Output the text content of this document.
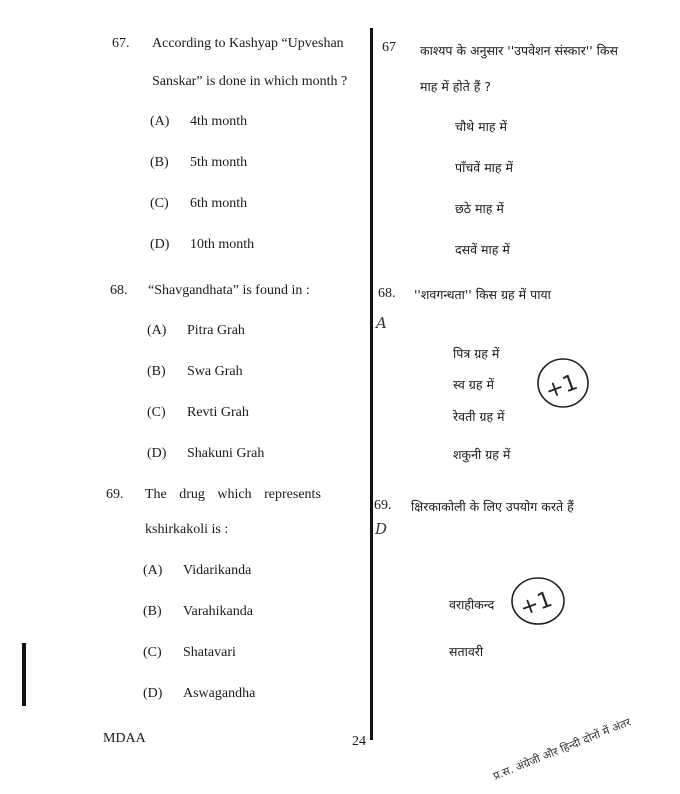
67. According to Kashyap “Upveshan
Sanskar” is done in which month ?
(A) 4th month
(B) 5th month
(C) 6th month
(D) 10th month
67 काश्यप के अनुसार ''उपवेशन संस्कार'' किस
माह में होते हैं ?
चौथे माह में
पाँचवें माह में
छठे माह में
दसवें माह में
68. “Shavgandhata” is found in :
(A) Pitra Grah
(B) Swa Grah
(C) Revti Grah
(D) Shakuni Grah
68. ''शवगन्धता'' किस ग्रह में पाया
पित्र ग्रह में
स्व ग्रह में
रेवती ग्रह में
शकुनी ग्रह में
69. The drug which represents
kshirkakoli is :
(A) Vidarikanda
(B) Varahikanda
(C) Shatavari
(D) Aswagandha
69. क्षिरकाकोली के लिए उपयोग करते हैं
वराहीकन्द
सतावरी
MDAA	24
+1
+1
A
D
प्र.स. अंग्रेजी और हिन्दी दोनों में अंतर
